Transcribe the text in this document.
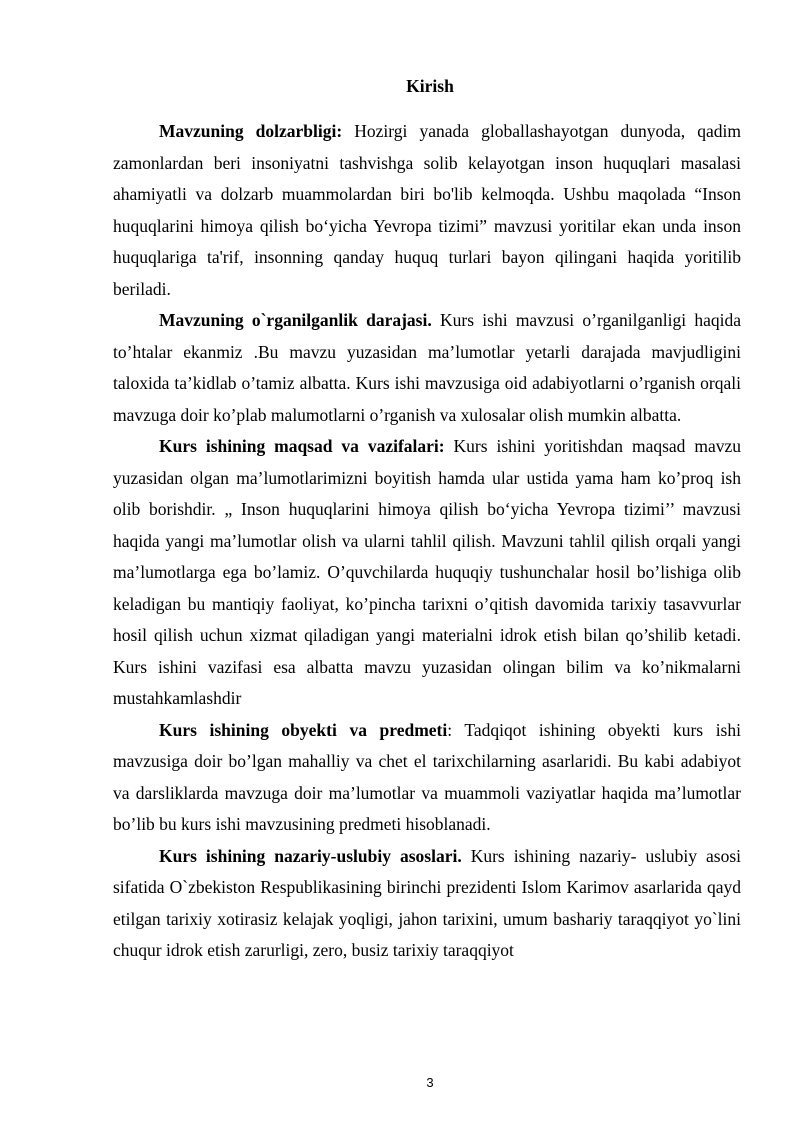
Kirish

Mavzuning dolzarbligi: Hozirgi yanada globallashayotgan dunyoda, qadim zamonlardan beri insoniyatni tashvishga solib kelayotgan inson huquqlari masalasi ahamiyatli va dolzarb muammolardan biri bo'lib kelmoqda. Ushbu maqolada “Inson huquqlarini himoya qilish bo‘yicha Yevropa tizimi” mavzusi yoritilar ekan unda inson huquqlariga ta'rif, insonning qanday huquq turlari bayon qilingani haqida yoritilib beriladi.

Mavzuning o`rganilganlik darajasi. Kurs ishi mavzusi o’rganilganligi haqida to’htalar ekanmiz .Bu mavzu yuzasidan ma’lumotlar yetarli darajada mavjudligini taloxida ta’kidlab o’tamiz albatta. Kurs ishi mavzusiga oid adabiyotlarni o’rganish orqali mavzuga doir ko’plab malumotlarni o’rganish va xulosalar olish mumkin albatta.

Kurs ishining maqsad va vazifalari: Kurs ishini yoritishdan maqsad mavzu yuzasidan olgan ma’lumotlarimizni boyitish hamda ular ustida yama ham ko’proq ish olib borishdir. „ Inson huquqlarini himoya qilish bo‘yicha Yevropa tizimi’’ mavzusi haqida yangi ma’lumotlar olish va ularni tahlil qilish. Mavzuni tahlil qilish orqali yangi ma’lumotlarga ega bo’lamiz. O’quvchilarda huquqiy tushunchalar hosil bo’lishiga olib keladigan bu mantiqiy faoliyat, ko’pincha tarixni o’qitish davomida tarixiy tasavvurlar hosil qilish uchun xizmat qiladigan yangi materialni idrok etish bilan qo’shilib ketadi. Kurs ishini vazifasi esa albatta mavzu yuzasidan olingan bilim va ko’nikmalarni mustahkamlashdir

Kurs ishining obyekti va predmeti: Tadqiqot ishining obyekti kurs ishi mavzusiga doir bo’lgan mahalliy va chet el tarixchilarning asarlaridi. Bu kabi adabiyot va darsliklarda mavzuga doir ma’lumotlar va muammoli vaziyatlar haqida ma’lumotlar bo’lib bu kurs ishi mavzusining predmeti hisoblanadi.

Kurs ishining nazariy-uslubiy asoslari. Kurs ishining nazariy- uslubiy asosi sifatida O`zbekiston Respublikasining birinchi prezidenti Islom Karimov asarlarida qayd etilgan tarixiy xotirasiz kelajak yoqligi, jahon tarixini, umum bashariy taraqqiyot yo`lini chuqur idrok etish zarurligi, zero, busiz tarixiy taraqqiyot

3
